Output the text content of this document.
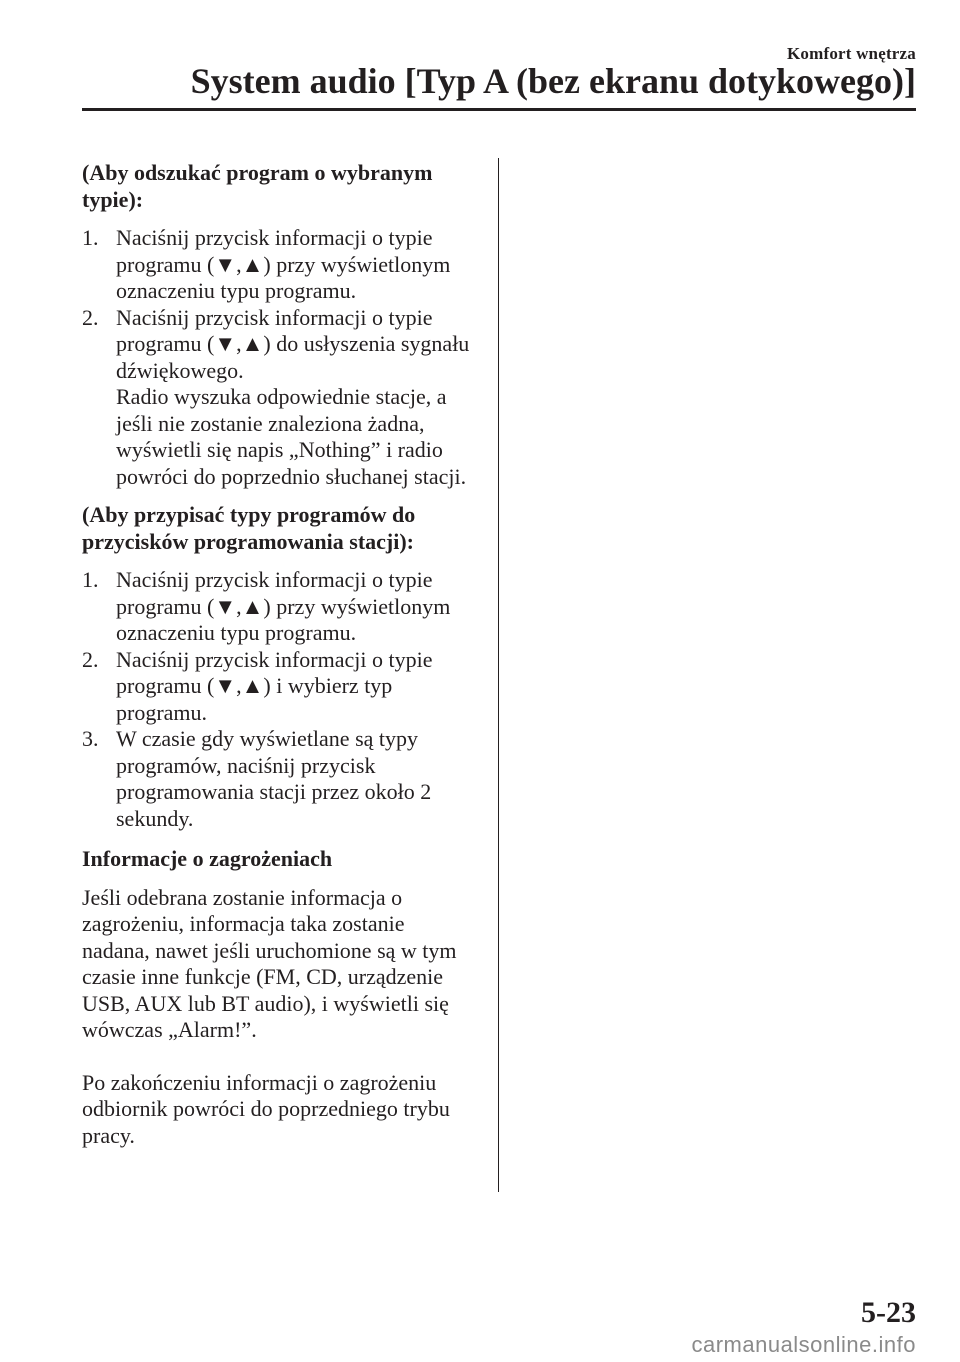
Komfort wnętrza
System audio [Typ A (bez ekranu dotykowego)]
(Aby odszukać program o wybranym typie):
1. Naciśnij przycisk informacji o typie programu (▼,▲) przy wyświetlonym oznaczeniu typu programu.

2. Naciśnij przycisk informacji o typie programu (▼,▲) do usłyszenia sygnału dźwiękowego.

Radio wyszuka odpowiednie stacje, a jeśli nie zostanie znaleziona żadna, wyświetli się napis „Nothing” i radio powróci do poprzednio słuchanej stacji.

(Aby przypisać typy programów do przycisków programowania stacji):
1. Naciśnij przycisk informacji o typie programu (▼,▲) przy wyświetlonym oznaczeniu typu programu.

2. Naciśnij przycisk informacji o typie programu (▼,▲) i wybierz typ programu.

3. W czasie gdy wyświetlane są typy programów, naciśnij przycisk programowania stacji przez około 2 sekundy.

Informacje o zagrożeniach

Jeśli odebrana zostanie informacja o zagrożeniu, informacja taka zostanie nadana, nawet jeśli uruchomione są w tym czasie inne funkcje (FM, CD, urządzenie USB, AUX lub BT audio), i wyświetli się wówczas „Alarm!”.

Po zakończeniu informacji o zagrożeniu odbiornik powróci do poprzedniego trybu pracy.

5-23
carmanualsonline.info
